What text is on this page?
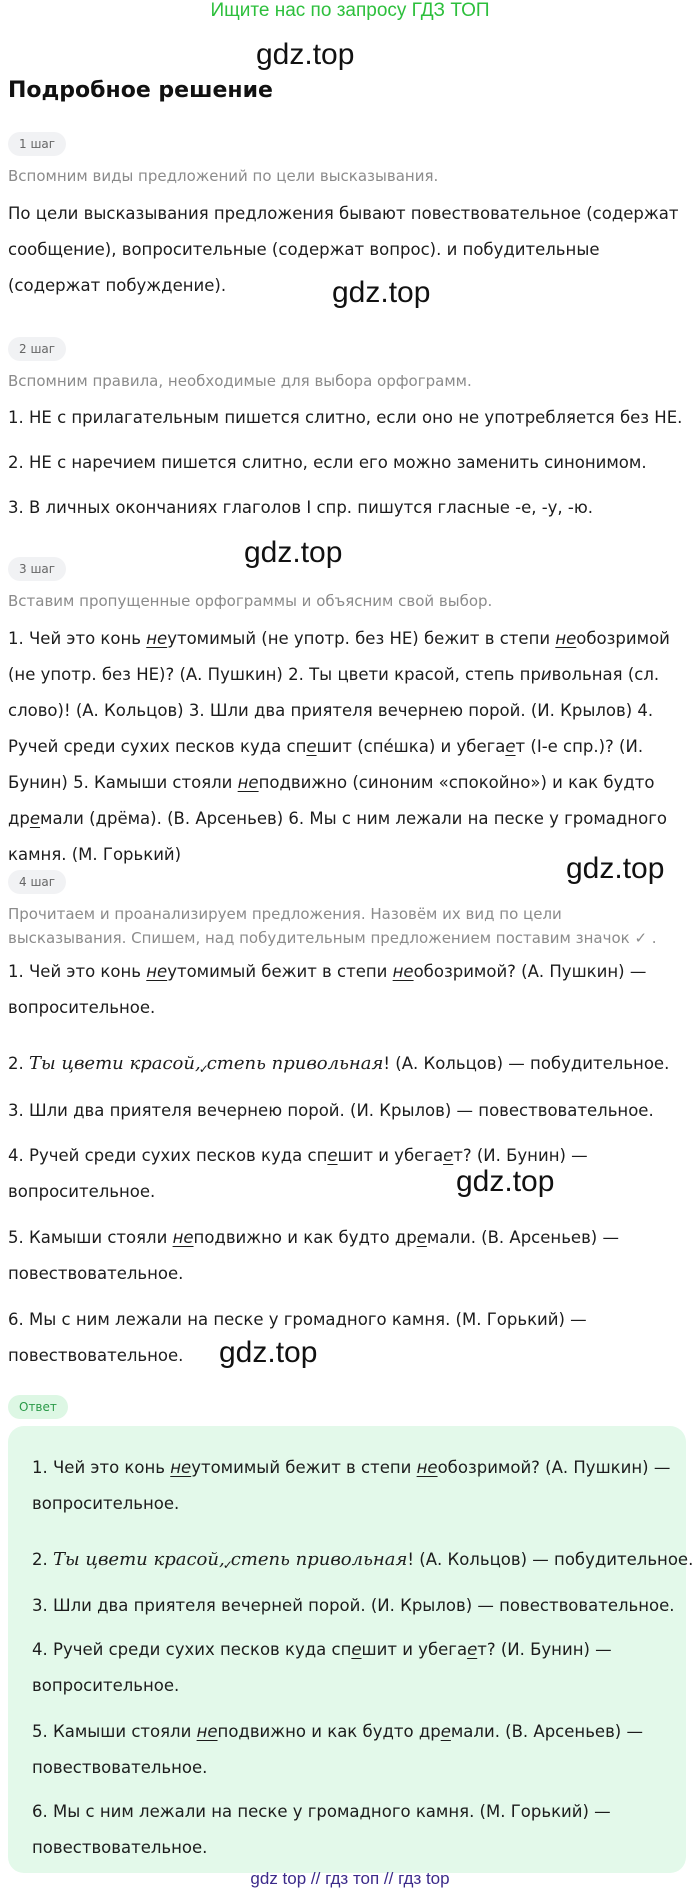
Ищите нас по запросу ГДЗ ТОП
gdz.top
gdz.top
gdz.top
gdz.top
gdz.top
gdz.top
Подробное решение
1 шаг
Вспомним виды предложений по цели высказывания.
По цели высказывания предложения бывают повествовательное (содержат сообщение), вопросительные (содержат вопрос). и побудительные (содержат побуждение).
2 шаг
Вспомним правила, необходимые для выбора орфограмм.
1. НЕ с прилагательным пишется слитно, если оно не употребляется без НЕ.
2. НЕ с наречием пишется слитно, если его можно заменить синонимом.
3. В личных окончаниях глаголов I спр. пишутся гласные -е, -у, -ю.
3 шаг
Вставим пропущенные орфограммы и объясним свой выбор.
1. Чей это конь неутомимый (не употр. без НЕ) бежит в степи необозримой (не употр. без НЕ)? (А. Пушкин) 2. Ты цвети красой, степь привольная (сл. слово)! (А. Кольцов) 3. Шли два приятеля вечернею порой. (И. Крылов) 4. Ручей среди сухих песков куда спешит (спе́шка) и убегает (I-е спр.)? (И. Бунин) 5. Камыши стояли неподвижно (синоним «спокойно») и как будто дремали (дрёма). (В. Арсеньев) 6. Мы с ним лежали на песке у громадного камня. (М. Горький)
4 шаг
Прочитаем и проанализируем предложения. Назовём их вид по цели высказывания. Спишем, над побудительным предложением поставим значок ✓ .
1. Чей это конь неутомимый бежит в степи необозримой? (А. Пушкин) — вопросительное.
2. Ты цвети красой,
✓
степь привольная! (А. Кольцов) — побудительное.
3. Шли два приятеля вечернею порой. (И. Крылов) — повествовательное.
4. Ручей среди сухих песков куда спешит и убегает? (И. Бунин) —
вопросительное.
5. Камыши стояли неподвижно и как будто дремали. (В. Арсеньев) —
повествовательное.
6. Мы с ним лежали на песке у громадного камня. (М. Горький) —
повествовательное.
Ответ
1. Чей это конь неутомимый бежит в степи необозримой? (А. Пушкин) —
вопросительное.
2. Ты цвети красой,
✓
степь привольная! (А. Кольцов) — побудительное.
3. Шли два приятеля вечерней порой. (И. Крылов) — повествовательное.
4. Ручей среди сухих песков куда спешит и убегает? (И. Бунин) —
вопросительное.
5. Камыши стояли неподвижно и как будто дремали. (В. Арсеньев) —
повествовательное.
6. Мы с ним лежали на песке у громадного камня. (М. Горький) —
повествовательное.
gdz top // гдз топ // гдз top
